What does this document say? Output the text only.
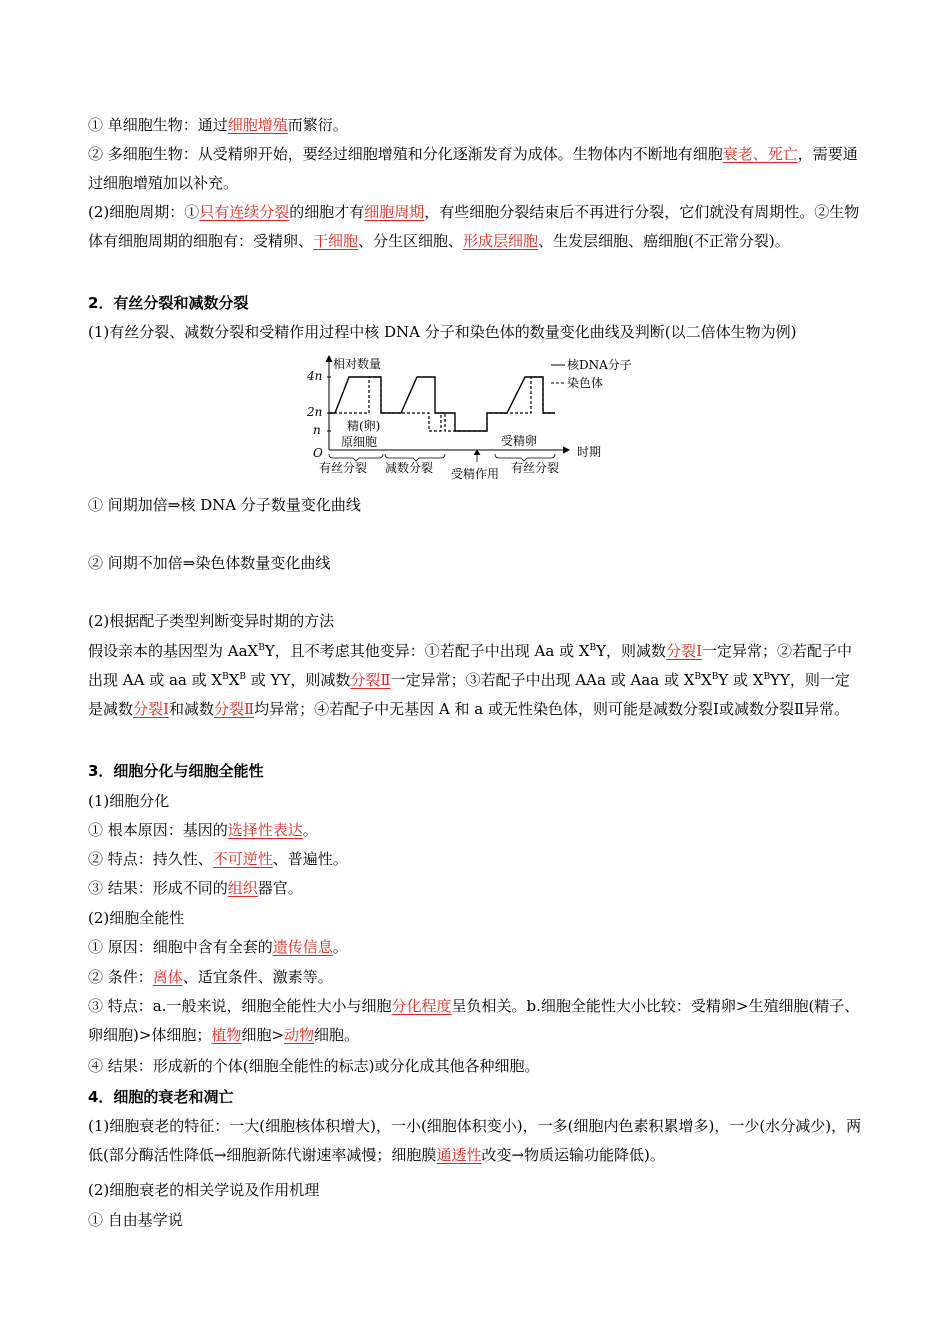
① 单细胞生物：通过细胞增殖而繁衍。
② 多细胞生物：从受精卵开始，要经过细胞增殖和分化逐渐发育为成体。生物体内不断地有细胞衰老、死亡，需要通过细胞增殖加以补充。
(2)细胞周期：①只有连续分裂的细胞才有细胞周期，有些细胞分裂结束后不再进行分裂，它们就没有周期性。②生物体有细胞周期的细胞有：受精卵、干细胞、分生区细胞、形成层细胞、生发层细胞、癌细胞(不正常分裂)。
2．有丝分裂和减数分裂
(1)有丝分裂、减数分裂和受精作用过程中核 DNA 分子和染色体的数量变化曲线及判断(以二倍体生物为例)
相对数量
4n
2n
n
O
核DNA分子
染色体
精(卵)
原细胞	受精卵
时期
有丝分裂 减数分裂 受精作用 有丝分裂
① 间期加倍⇒核 DNA 分子数量变化曲线
② 间期不加倍⇒染色体数量变化曲线
(2)根据配子类型判断变异时期的方法
假设亲本的基因型为 AaX$^B$Y，且不考虑其他变异：①若配子中出现 Aa 或 $X^BY$，则减数分裂Ⅰ一定异常；②若配子中出现 AA 或 aa 或 $X^BX^B$ 或 YY，则减数分裂Ⅱ一定异常；③若配子中出现 AAa 或 Aaa 或 $X^BX^BY$ 或 $X^BYY$，则一定是减数分裂Ⅰ和减数分裂Ⅱ均异常；④若配子中无基因 A 和 a 或无性染色体，则可能是减数分裂Ⅰ或减数分裂Ⅱ异常。
3．细胞分化与细胞全能性
(1)细胞分化
① 根本原因：基因的选择性表达。
② 特点：持久性、不可逆性、普遍性。
③ 结果：形成不同的组织器官。
(2)细胞全能性
① 原因：细胞中含有全套的遗传信息。
② 条件：离体、适宜条件、激素等。
③ 特点：a.一般来说，细胞全能性大小与细胞分化程度呈负相关。b.细胞全能性大小比较：受精卵>生殖细胞(精子、卵细胞)>体细胞；植物细胞>动物细胞。
④ 结果：形成新的个体(细胞全能性的标志)或分化成其他各种细胞。
4．细胞的衰老和凋亡
(1)细胞衰老的特征：一大(细胞核体积增大)，一小(细胞体积变小)，一多(细胞内色素积累增多)，一少(水分减少)，两低(部分酶活性降低→细胞新陈代谢速率减慢；细胞膜通透性改变→物质运输功能降低)。
(2)细胞衰老的相关学说及作用机理
① 自由基学说
